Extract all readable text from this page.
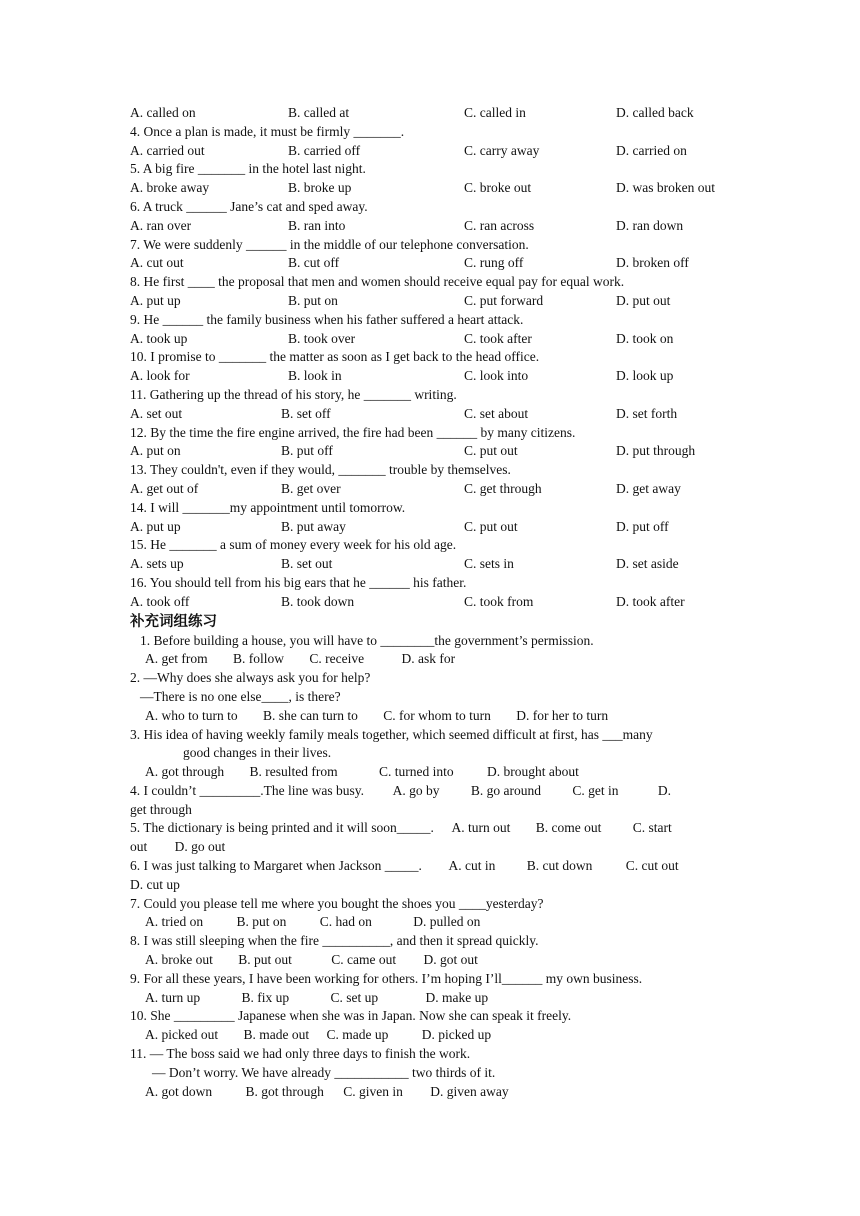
A. called on	B. called at	C. called in	D. called back
4. Once a plan is made, it must be firmly _______.
A. carried out	B. carried off	C. carry away	D. carried on
5. A big fire _______ in the hotel last night.
A. broke away	B. broke up	C. broke out	D. was broken out
6. A truck ______ Jane’s cat and sped away.
A. ran over	B. ran into	C. ran across	D. ran down
7. We were suddenly ______ in the middle of our telephone conversation.
A. cut out	B. cut off	C. rung off	D. broken off
8. He first ____ the proposal that men and women should receive equal pay for equal work.
A. put up	B. put on	C. put forward	D. put out
9. He ______ the family business when his father suffered a heart attack.
A. took up	B. took over	C. took after	D. took on
10. I promise to _______ the matter as soon as I get back to the head office.
A. look for	B. look in	C. look into	D. look up
11. Gathering up the thread of his story, he _______ writing.
A. set out	B. set off	C. set about	D. set forth
12. By the time the fire engine arrived, the fire had been ______ by many citizens.
A. put on	B. put off	C. put out	D. put through
13. They couldn't, even if they would, _______ trouble by themselves.
A. get out of	B. get over	C. get through	D. get away
14. I will _______my appointment until tomorrow.
A. put up	B. put away	C. put out	D. put off
15. He _______ a sum of money every week for his old age.
A. sets up	B. set out	C. sets in	D. set aside
16. You should tell from his big ears that he ______ his father.
A. took off	B. took down	C. took from	D. took after
补充词组练习
1. Before building a house, you will have to ________the government’s permission.
A. get from B. follow C. receive	D. ask for
2. —Why does she always ask you for help?
—There is no one else____, is there?
A. who to turn to B. she can turn to C. for whom to turn D. for her to turn
3. His idea of having weekly family meals together, which seemed difficult at first, has ___many
good changes in their lives.
A. got through B. resulted from	C. turned into D. brought about
4. I couldn’t _________.The line was busy. A. go by B. go around C. get in	D.
get through
5. The dictionary is being printed and it will soon_____. A. turn out B. come out C. start
out D. go out
6. I was just talking to Margaret when Jackson _____. A. cut in B. cut down C. cut out
D. cut up
7. Could you please tell me where you bought the shoes you ____yesterday?
A. tried on B. put on C. had on	D. pulled on
8. I was still sleeping when the fire __________, and then it spread quickly.
A. broke out B. put out	C. came out D. got out
9. For all these years, I have been working for others. I’m hoping I’ll______ my own business.
A. turn up	B. fix up	C. set up	D. make up
10. She _________ Japanese when she was in Japan. Now she can speak it freely.
A. picked out B. made out C. made up D. picked up
11. — The boss said we had only three days to finish the work.
— Don’t worry. We have already ___________ two thirds of it.
A. got down B. got through C. given in D. given away
